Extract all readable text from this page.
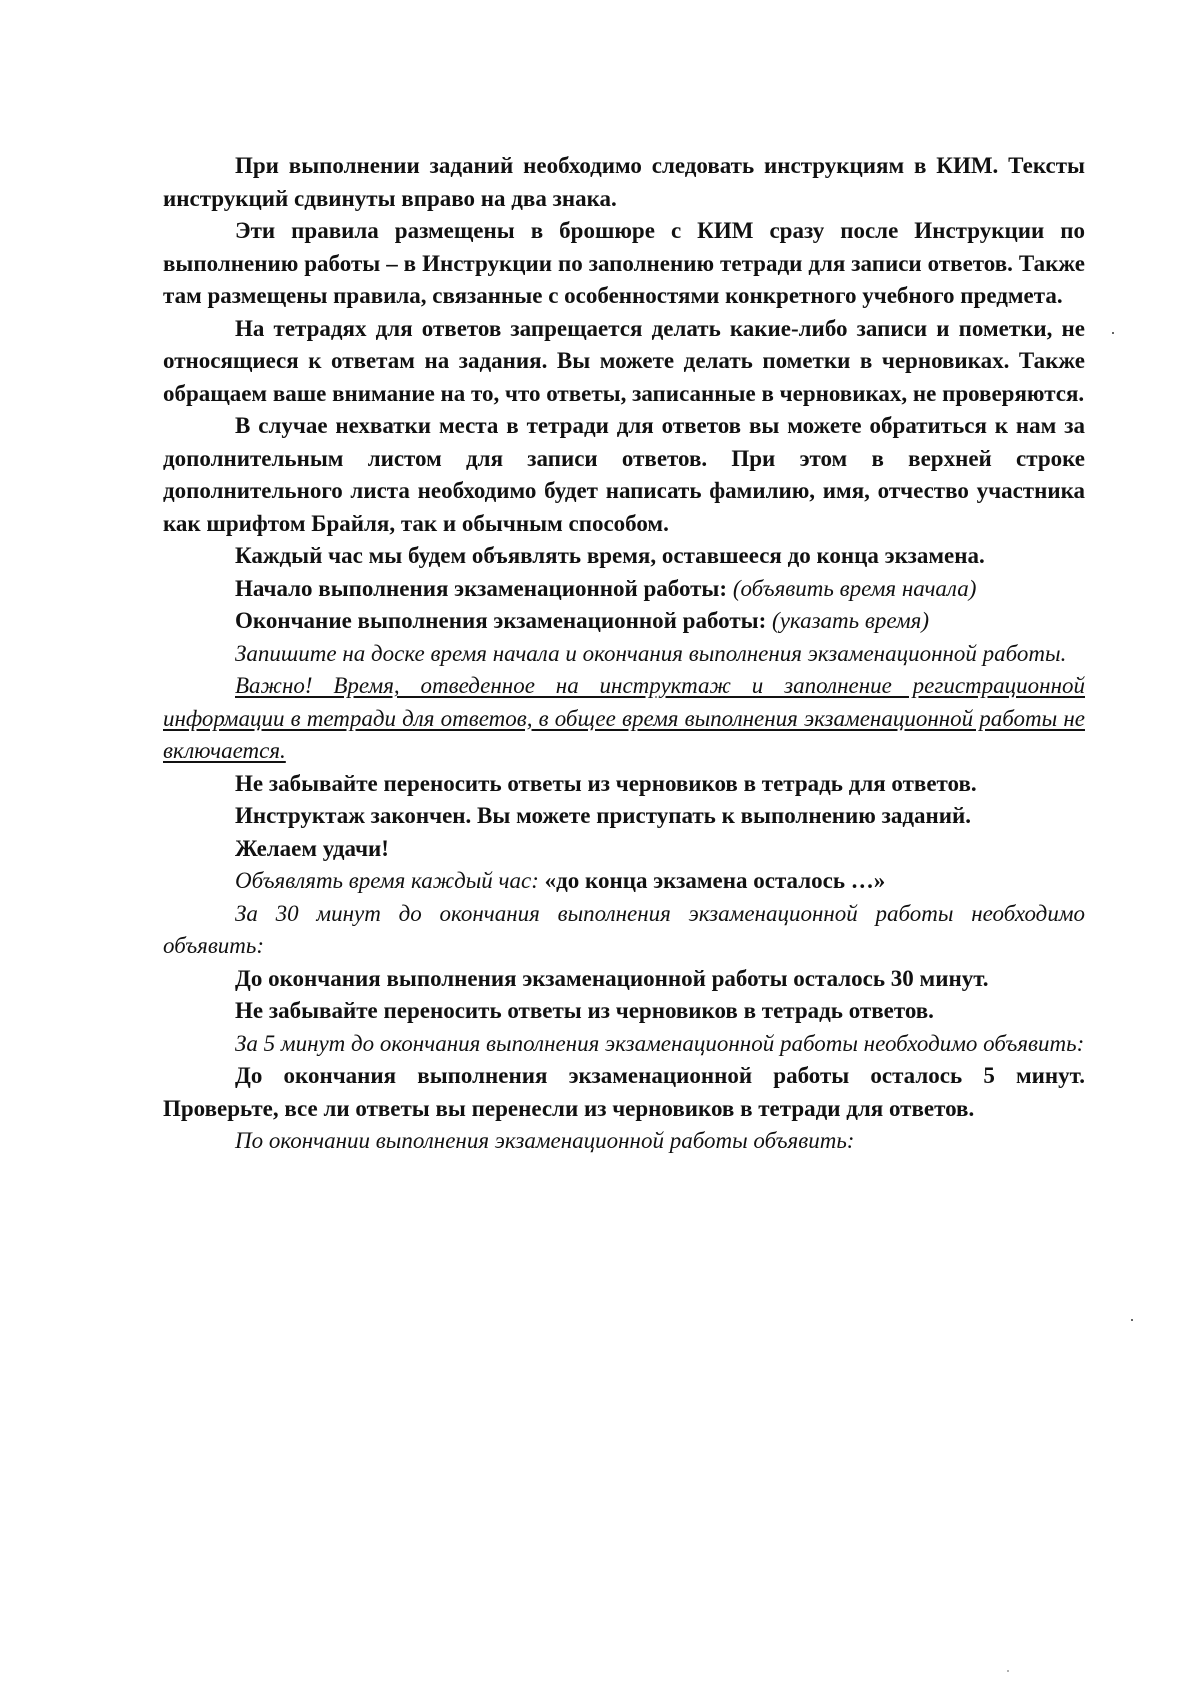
При выполнении заданий необходимо следовать инструкциям в КИМ. Тексты инструкций сдвинуты вправо на два знака.

Эти правила размещены в брошюре с КИМ сразу после Инструкции по выполнению работы – в Инструкции по заполнению тетради для записи ответов. Также там размещены правила, связанные с особенностями конкретного учебного предмета.

На тетрадях для ответов запрещается делать какие-либо записи и пометки, не относящиеся к ответам на задания. Вы можете делать пометки в черновиках. Также обращаем ваше внимание на то, что ответы, записанные в черновиках, не проверяются.

В случае нехватки места в тетради для ответов вы можете обратиться к нам за дополнительным листом для записи ответов. При этом в верхней строке дополнительного листа необходимо будет написать фамилию, имя, отчество участника как шрифтом Брайля, так и обычным способом.

Каждый час мы будем объявлять время, оставшееся до конца экзамена.

Начало выполнения экзаменационной работы: (объявить время начала)

Окончание выполнения экзаменационной работы: (указать время)

Запишите на доске время начала и окончания выполнения экзаменационной работы.

Важно! Время, отведенное на инструктаж и заполнение регистрационной информации в тетради для ответов, в общее время выполнения экзаменационной работы не включается.

Не забывайте переносить ответы из черновиков в тетрадь для ответов.

Инструктаж закончен. Вы можете приступать к выполнению заданий.

Желаем удачи!

Объявлять время каждый час: «до конца экзамена осталось …»

За 30 минут до окончания выполнения экзаменационной работы необходимо объявить:

До окончания выполнения экзаменационной работы осталось 30 минут.

Не забывайте переносить ответы из черновиков в тетрадь ответов.

За 5 минут до окончания выполнения экзаменационной работы необходимо объявить:

До окончания выполнения экзаменационной работы осталось 5 минут. Проверьте, все ли ответы вы перенесли из черновиков в тетради для ответов.

По окончании выполнения экзаменационной работы объявить:
